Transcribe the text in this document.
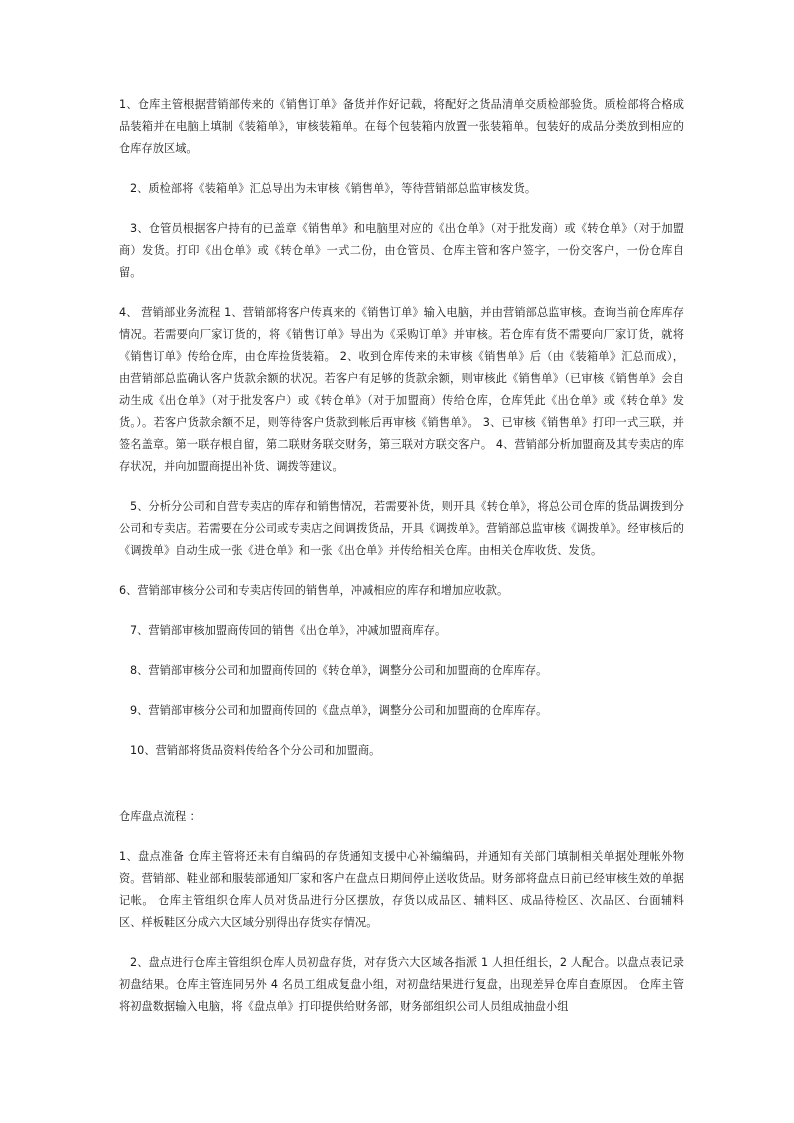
1、仓库主管根据营销部传来的《销售订单》备货并作好记载，将配好之货品清单交质检部验货。质检部将合格成品装箱并在电脑上填制《装箱单》，审核装箱单。在每个包装箱内放置一张装箱单。包装好的成品分类放到相应的仓库存放区域。

2、质检部将《装箱单》汇总导出为未审核《销售单》，等待营销部总监审核发货。

3、仓管员根据客户持有的已盖章《销售单》和电脑里对应的《出仓单》（对于批发商）或《转仓单》（对于加盟商）发货。打印《出仓单》或《转仓单》一式二份，由仓管员、仓库主管和客户签字，一份交客户，一份仓库自留。

4、 营销部业务流程 1、营销部将客户传真来的《销售订单》输入电脑，并由营销部总监审核。查询当前仓库库存情况。若需要向厂家订货的，将《销售订单》导出为《采购订单》并审核。若仓库有货不需要向厂家订货，就将《销售订单》传给仓库，由仓库捡货装箱。 2、收到仓库传来的未审核《销售单》后（由《装箱单》汇总而成），由营销部总监确认客户货款余额的状况。若客户有足够的货款余额，则审核此《销售单》（已审核《销售单》会自动生成《出仓单》（对于批发客户）或《转仓单》（对于加盟商）传给仓库，仓库凭此《出仓单》或《转仓单》发货。）。若客户货款余额不足，则等待客户货款到帐后再审核《销售单》。 3、已审核《销售单》打印一式三联，并签名盖章。第一联存根自留，第二联财务联交财务，第三联对方联交客户。 4、营销部分析加盟商及其专卖店的库存状况，并向加盟商提出补货、调拨等建议。

5、分析分公司和自营专卖店的库存和销售情况，若需要补货，则开具《转仓单》，将总公司仓库的货品调拨到分公司和专卖店。若需要在分公司或专卖店之间调拨货品，开具《调拨单》。营销部总监审核《调拨单》。经审核后的《调拨单》自动生成一张《进仓单》和一张《出仓单》并传给相关仓库。由相关仓库收货、发货。

6、营销部审核分公司和专卖店传回的销售单，冲减相应的库存和增加应收款。

7、营销部审核加盟商传回的销售《出仓单》，冲减加盟商库存。

8、营销部审核分公司和加盟商传回的《转仓单》，调整分公司和加盟商的仓库库存。

9、营销部审核分公司和加盟商传回的《盘点单》，调整分公司和加盟商的仓库库存。

10、营销部将货品资料传给各个分公司和加盟商。

仓库盘点流程 ：

1、盘点准备 仓库主管将还未有自编码的存货通知支援中心补编编码，并通知有关部门填制相关单据处理帐外物资。营销部、鞋业部和服装部通知厂家和客户在盘点日期间停止送收货品。财务部将盘点日前已经审核生效的单据记帐。 仓库主管组织仓库人员对货品进行分区摆放，存货以成品区、辅料区、成品待检区、次品区、台面辅料区、样板鞋区分成六大区域分别得出存货实存情况。

2、盘点进行仓库主管组织仓库人员初盘存货，对存货六大区域各指派 1 人担任组长，2 人配合。以盘点表记录初盘结果。仓库主管连同另外 4 名员工组成复盘小组，对初盘结果进行复盘，出现差异仓库自查原因。 仓库主管将初盘数据输入电脑，将《盘点单》打印提供给财务部，财务部组织公司人员组成抽盘小组
